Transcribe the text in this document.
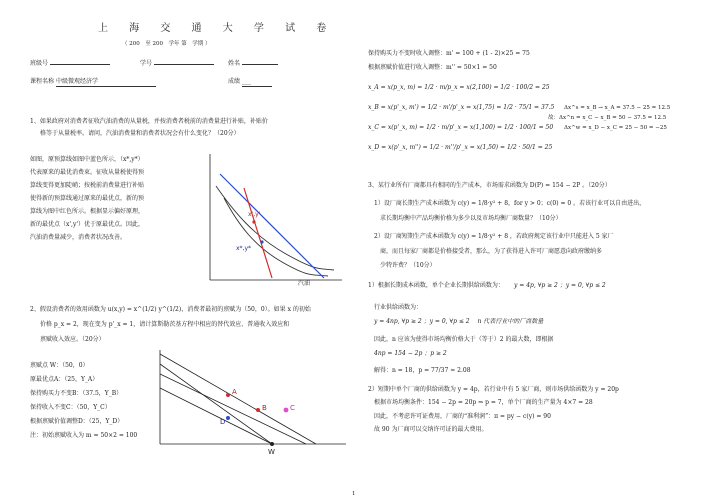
上 海 交 通 大 学 试 卷
（ 200　至 200　学年 第　学期 ）
班级号	学号	姓名
课程名称 中级微观经济学	成绩 ___
1、如果政府对消费者征收汽油消费的从量税，并按消费者税前的消费量进行补贴，补贴价
格等于从量税率。请问，汽油消费量和消费者状况会有什么变化？（20分）
如图，原预算线如图中蓝色所示，（x*,y*）
代表原来的最优消费束。征收从量税使得预
算线变得更加陡峭；按税前消费量进行补贴
使得新的预算线通过原来的最优点，新的预
算线为图中红色所示。根据显示偏好原理，
新的最优点（x',y'）优于原最优点。因此，
汽油消费量减少，消费者状况改善。
x',y'
x*,y*
汽油
2、假设消费者的效用函数为 u(x,y) = x^(1/2) y^(1/2)，消费者最初的禀赋为（50，0）。如果 x 的初始
价格 p_x = 2，现在变为 p'_x = 1，请计算斯勒茨基方程中相应的替代效应、普通收入效应和
禀赋收入效应。（20分）
禀赋点 W：（50，0）
原最优点A：（25，Y_A）
保持购买力不变B：（37.5，Y_B）
保持收入不变C：（50，Y_C）
根据禀赋价值调整D：（25，Y_D）
注：初始禀赋收入为 m = 50×2 = 100
A
B	C
D
W
保持购买力不变时收入调整：m' = 100 + (1 - 2)×25 = 75
根据禀赋价值进行收入调整：m'' = 50×1 = 50
x_A = x(p_x, m) = 1/2 · m/p_x = x(2,100) = 1/2 · 100/2 = 25
x_B = x(p'_x, m') = 1/2 · m'/p'_x = x(1,75) = 1/2 · 75/1 = 37.5
x_C = x(p'_x, m) = 1/2 · m/p'_x = x(1,100) = 1/2 · 100/1 = 50
x_D = x(p'_x, m'') = 1/2 · m''/p'_x = x(1,50) = 1/2 · 50/1 = 25
Δx^s = x_B → x_A = 37.5 − 25 = 12.5
故：Δx^n = x_C − x_B = 50 − 37.5 = 12.5
Δx^w = x_D − x_C = 25 − 50 = −25
3、某行业所有厂商都具有相同的生产成本，市场需求函数为 D(P) = 154 − 2P 。（20分）
　1）设厂商长期生产成本函数为 c(y) = 1/8·y² + 8，for y > 0；c(0) = 0 。若该行业可以自由进出，
　　求长期均衡中产品均衡价格为多少以及市场均衡厂商数量？（10分）
　2）设厂商短期生产成本函数为 c(y) = 1/8·y² + 8 ，若政府规定该行业中只能进入 5 家厂
　　商，而且每家厂商都是价格接受者，那么，为了获得进入许可厂商愿意向政府缴纳多
　　少特许费？（10分）
1）根据长期成本函数，单个企业长期供给函数为： 　y = 4p, ∀p ≥ 2 ；y = 0, ∀p ≤ 2
　行业供给函数为：
　y = 4np, ∀p ≥ 2 ；y = 0, ∀p ≤ 2 　n 代表行业中的厂商数量
　因此，n 应该为使得市场均衡价格大于（等于）2 的最大数，即根据
　4np = 154 − 2p ；p ≥ 2
　解得：n = 18，p = 77/37 ≈ 2.08
2）短期中单个厂商的供给函数为 y = 4p，若行业中有 5 家厂商，则市场供给函数为 y = 20p
　根据市场均衡条件：154 − 2p = 20p ⇒ p = 7，单个厂商的生产量为 4×7 = 28
　因此，不考虑许可证费用，厂商的“准利润”：π = py − c(y) = 90
　故 90 为厂商可以交纳许可证的最大费用。
1
